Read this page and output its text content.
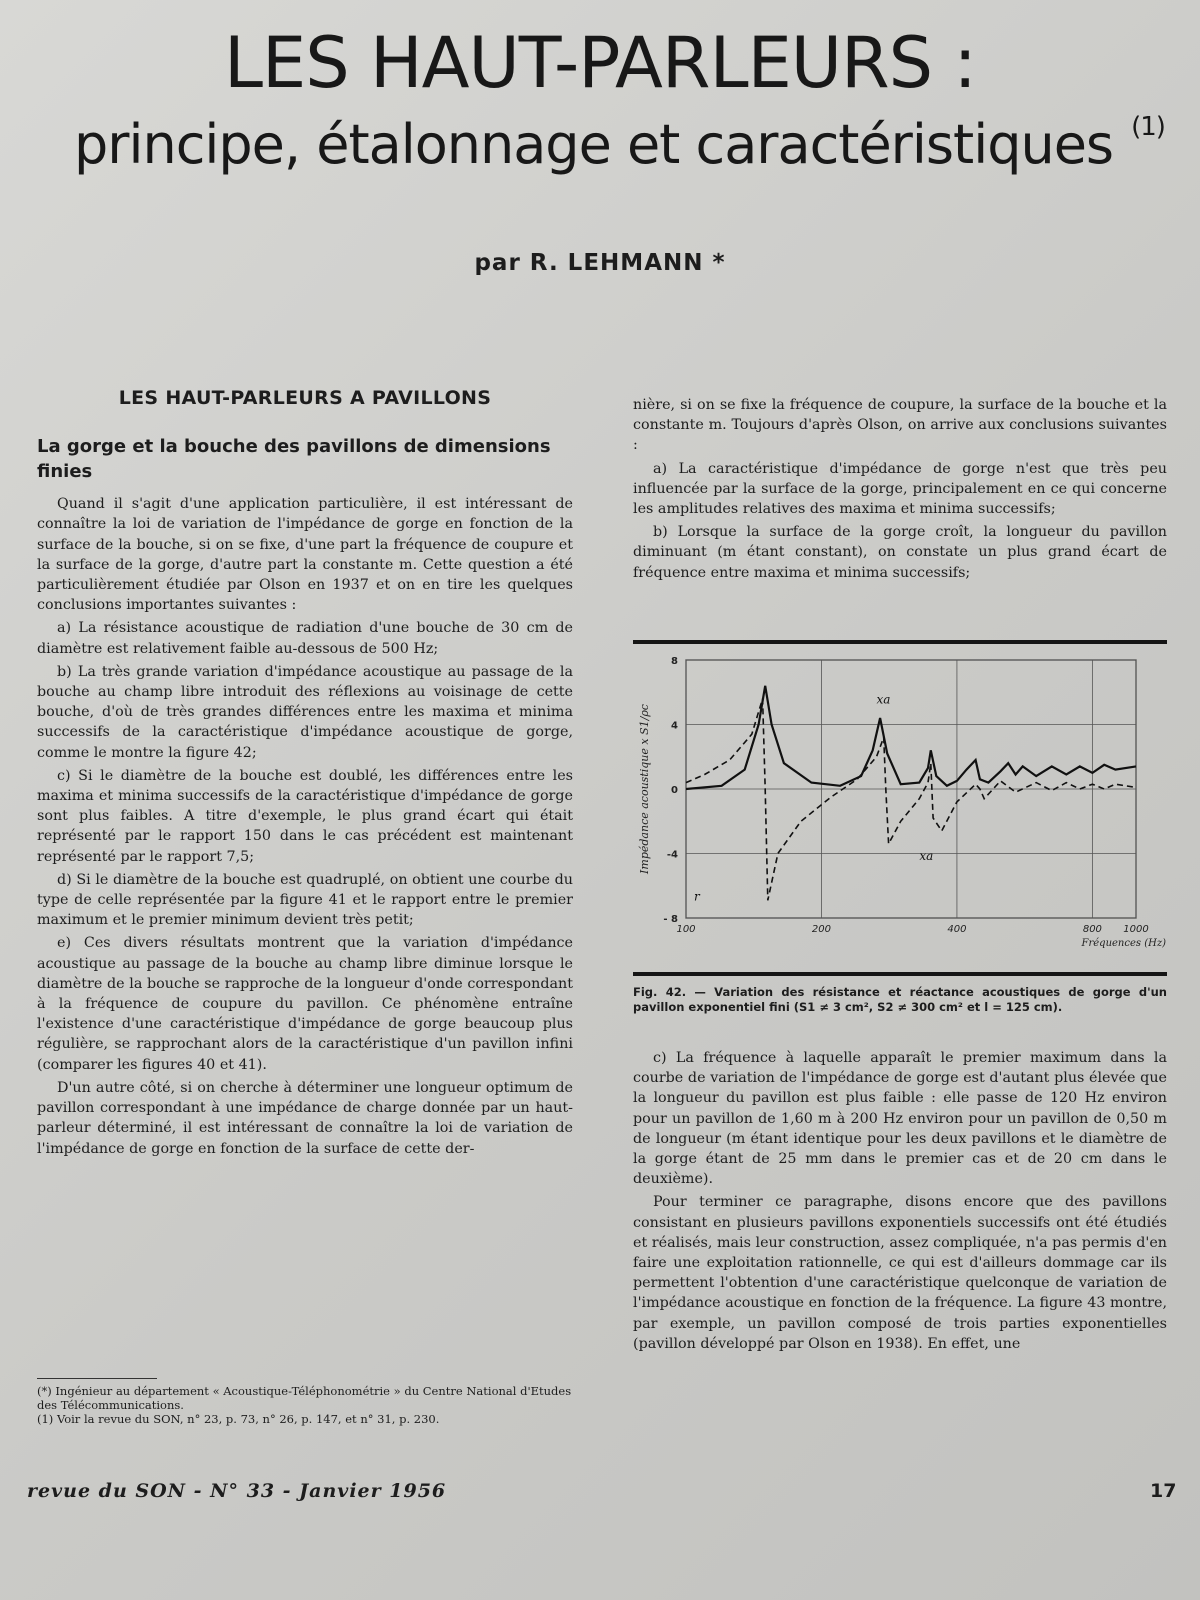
LES HAUT-PARLEURS :
principe, étalonnage et caractéristiques $^{(1)}$
par R. LEHMANN *
LES HAUT-PARLEURS A PAVILLONS
La gorge et la bouche des pavillons de dimensions finies

Quand il s'agit d'une application particulière, il est intéressant de connaître la loi de variation de l'impédance de gorge en fonction de la surface de la bouche, si on se fixe, d'une part la fréquence de coupure et la surface de la gorge, d'autre part la constante m. Cette question a été particulièrement étudiée par Olson en 1937 et on en tire les quelques conclusions importantes suivantes :

a) La résistance acoustique de radiation d'une bouche de 30 cm de diamètre est relativement faible au-dessous de 500 Hz;

b) La très grande variation d'impédance acoustique au passage de la bouche au champ libre introduit des réflexions au voisinage de cette bouche, d'où de très grandes différences entre les maxima et minima successifs de la caractéristique d'impédance acoustique de gorge, comme le montre la figure 42;

c) Si le diamètre de la bouche est doublé, les différences entre les maxima et minima successifs de la caractéristique d'impédance de gorge sont plus faibles. A titre d'exemple, le plus grand écart qui était représenté par le rapport 150 dans le cas précédent est maintenant représenté par le rapport 7,5;

d) Si le diamètre de la bouche est quadruplé, on obtient une courbe du type de celle représentée par la figure 41 et le rapport entre le premier maximum et le premier minimum devient très petit;

e) Ces divers résultats montrent que la variation d'impédance acoustique au passage de la bouche au champ libre diminue lorsque le diamètre de la bouche se rapproche de la longueur d'onde correspondant à la fréquence de coupure du pavillon. Ce phénomène entraîne l'existence d'une caractéristique d'impédance de gorge beaucoup plus régulière, se rapprochant alors de la caractéristique d'un pavillon infini (comparer les figures 40 et 41).

D'un autre côté, si on cherche à déterminer une longueur optimum de pavillon correspondant à une impédance de charge donnée par un haut-parleur déterminé, il est intéressant de connaître la loi de variation de l'impédance de gorge en fonction de la surface de cette der-

(*) Ingénieur au département « Acoustique-Téléphonométrie » du Centre National d'Etudes des Télécommunications.

(1) Voir la revue du SON, n° 23, p. 73, n° 26, p. 147, et n° 31, p. 230.

nière, si on se fixe la fréquence de coupure, la surface de la bouche et la constante m. Toujours d'après Olson, on arrive aux conclusions suivantes :

a) La caractéristique d'impédance de gorge n'est que très peu influencée par la surface de la gorge, principalement en ce qui concerne les amplitudes relatives des maxima et minima successifs;

b) Lorsque la surface de la gorge croît, la longueur du pavillon diminuant (m étant constant), on constate un plus grand écart de fréquence entre maxima et minima successifs;

100	200	400	800 1000
8
4
0
-4
- 8
Fréquences (Hz)
Impédance acoustique x S1/ρc
xa
r
xa
Fig. 42. — Variation des résistance et réactance acoustiques de gorge d'un pavillon exponentiel fini (S1 ≠ 3 cm², S2 ≠ 300 cm² et l = 125 cm).

c) La fréquence à laquelle apparaît le premier maximum dans la courbe de variation de l'impédance de gorge est d'autant plus élevée que la longueur du pavillon est plus faible : elle passe de 120 Hz environ pour un pavillon de 1,60 m à 200 Hz environ pour un pavillon de 0,50 m de longueur (m étant identique pour les deux pavillons et le diamètre de la gorge étant de 25 mm dans le premier cas et de 20 cm dans le deuxième).

Pour terminer ce paragraphe, disons encore que des pavillons consistant en plusieurs pavillons exponentiels successifs ont été étudiés et réalisés, mais leur construction, assez compliquée, n'a pas permis d'en faire une exploitation rationnelle, ce qui est d'ailleurs dommage car ils permettent l'obtention d'une caractéristique quelconque de variation de l'impédance acoustique en fonction de la fréquence. La figure 43 montre, par exemple, un pavillon composé de trois parties exponentielles (pavillon développé par Olson en 1938). En effet, une

revue du SON - N° 33 - Janvier 1956	17
